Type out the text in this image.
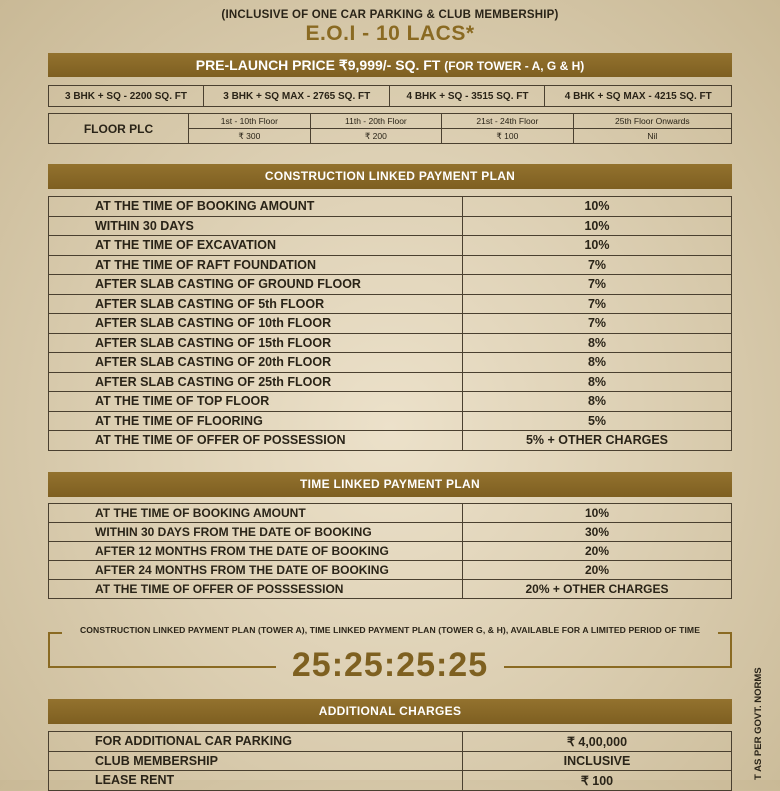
(INCLUSIVE OF ONE CAR PARKING & CLUB MEMBERSHIP)
E.O.I - 10 LACS*
PRE-LAUNCH PRICE ₹9,999/- SQ. FT (FOR TOWER - A, G & H)
3 BHK + SQ - 2200 SQ. FT	3 BHK + SQ MAX - 2765 SQ. FT	4 BHK + SQ - 3515 SQ. FT	4 BHK + SQ MAX - 4215 SQ. FT
FLOOR PLC	1st - 10th Floor	11th - 20th Floor	21st - 24th Floor	25th Floor Onwards
	₹ 300	₹ 200	₹ 100	Nil
CONSTRUCTION LINKED PAYMENT PLAN
AT THE TIME OF BOOKING AMOUNT	10%
WITHIN 30 DAYS	10%
AT THE TIME OF EXCAVATION	10%
AT THE TIME OF RAFT FOUNDATION	7%
AFTER SLAB CASTING OF GROUND FLOOR	7%
AFTER SLAB CASTING OF 5th FLOOR	7%
AFTER SLAB CASTING OF 10th FLOOR	7%
AFTER SLAB CASTING OF 15th FLOOR	8%
AFTER SLAB CASTING OF 20th FLOOR	8%
AFTER SLAB CASTING OF 25th FLOOR	8%
AT THE TIME OF TOP FLOOR	8%
AT THE TIME OF FLOORING	5%
AT THE TIME OF OFFER OF POSSESSION	5% + OTHER CHARGES
TIME LINKED PAYMENT PLAN
AT THE TIME OF BOOKING AMOUNT	10%
WITHIN 30 DAYS FROM THE DATE OF BOOKING	30%
AFTER 12 MONTHS FROM THE DATE OF BOOKING	20%
AFTER 24 MONTHS FROM THE DATE OF BOOKING	20%
AT THE TIME OF OFFER OF POSSSESSION	20% + OTHER CHARGES
CONSTRUCTION LINKED PAYMENT PLAN (TOWER A), TIME LINKED PAYMENT PLAN (TOWER G, & H), AVAILABLE FOR A LIMITED PERIOD OF TIME
25:25:25:25
ADDITIONAL CHARGES
FOR ADDITIONAL CAR PARKING	₹ 4,00,000
CLUB MEMBERSHIP	INCLUSIVE
LEASE RENT	₹ 100
T AS PER GOVT. NORMS
